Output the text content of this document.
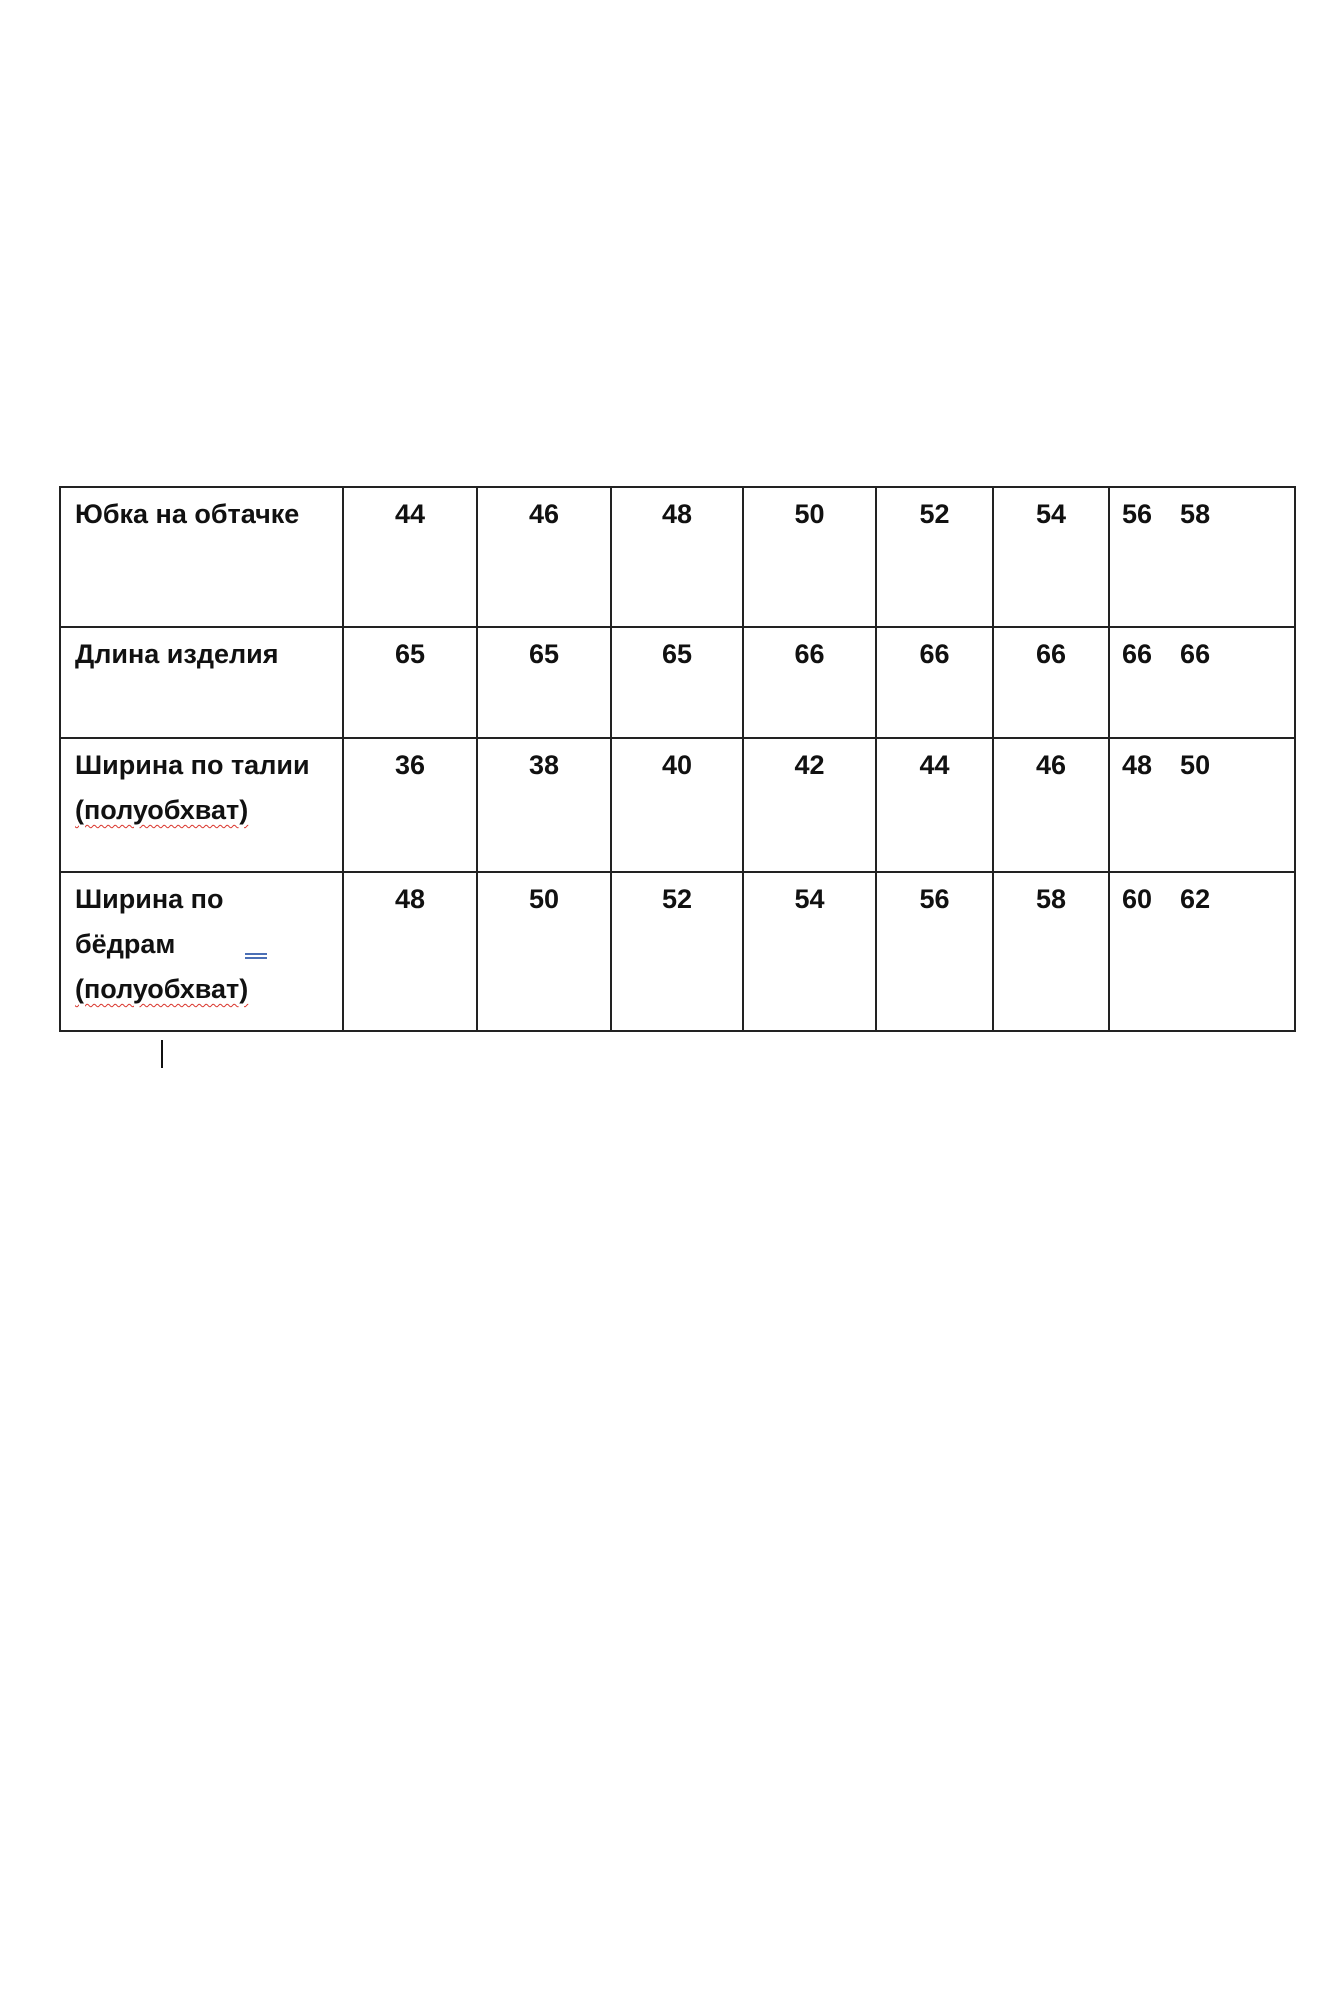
Юбка на обтачке	44	46	48	50	52	54	56 58
Длина изделия	65	65	65	66	66	66	66 66
Ширина по талии
(полуобхват)	36	38	40	42	44	46	48 50
Ширина по
бёдрам
(полуобхват)	48	50	52	54	56	58	60 62
